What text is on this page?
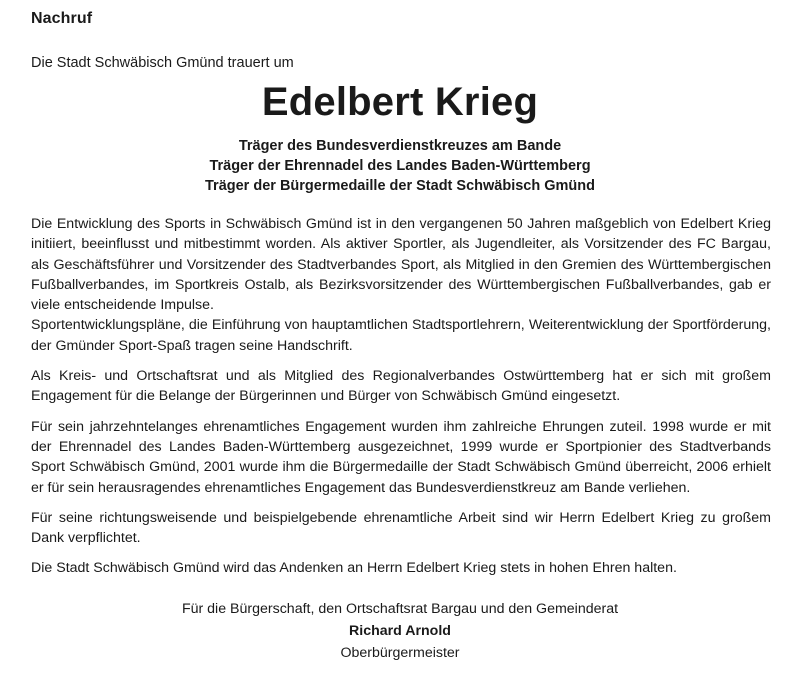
Nachruf
Die Stadt Schwäbisch Gmünd trauert um
Edelbert Krieg
Träger des Bundesverdienstkreuzes am Bande
Träger der Ehrennadel des Landes Baden-Württemberg
Träger der Bürgermedaille der Stadt Schwäbisch Gmünd

Die Entwicklung des Sports in Schwäbisch Gmünd ist in den vergangenen 50 Jahren maßgeblich von Edelbert Krieg initiiert, beeinflusst und mitbestimmt worden. Als aktiver Sportler, als Jugendleiter, als Vorsitzender des FC Bargau, als Geschäftsführer und Vorsitzender des Stadtverbandes Sport, als Mitglied in den Gremien des Württembergischen Fußballverbandes, im Sportkreis Ostalb, als Bezirksvorsitzender des Württembergischen Fußballverbandes, gab er viele entscheidende Impulse.

Sportentwicklungspläne, die Einführung von hauptamtlichen Stadtsportlehrern, Weiterentwicklung der Sportförderung, der Gmünder Sport-Spaß tragen seine Handschrift.

Als Kreis- und Ortschaftsrat und als Mitglied des Regionalverbandes Ostwürttemberg hat er sich mit großem Engagement für die Belange der Bürgerinnen und Bürger von Schwäbisch Gmünd eingesetzt.

Für sein jahrzehntelanges ehrenamtliches Engagement wurden ihm zahlreiche Ehrungen zuteil. 1998 wurde er mit der Ehrennadel des Landes Baden-Württemberg ausgezeichnet, 1999 wurde er Sportpionier des Stadtverbands Sport Schwäbisch Gmünd, 2001 wurde ihm die Bürgermedaille der Stadt Schwäbisch Gmünd überreicht, 2006 erhielt er für sein herausragendes ehrenamtliches Engagement das Bundesverdienstkreuz am Bande verliehen.

Für seine richtungsweisende und beispielgebende ehrenamtliche Arbeit sind wir Herrn Edelbert Krieg zu großem Dank verpflichtet.

Die Stadt Schwäbisch Gmünd wird das Andenken an Herrn Edelbert Krieg stets in hohen Ehren halten.

Für die Bürgerschaft, den Ortschaftsrat Bargau und den Gemeinderat
Richard Arnold
Oberbürgermeister
